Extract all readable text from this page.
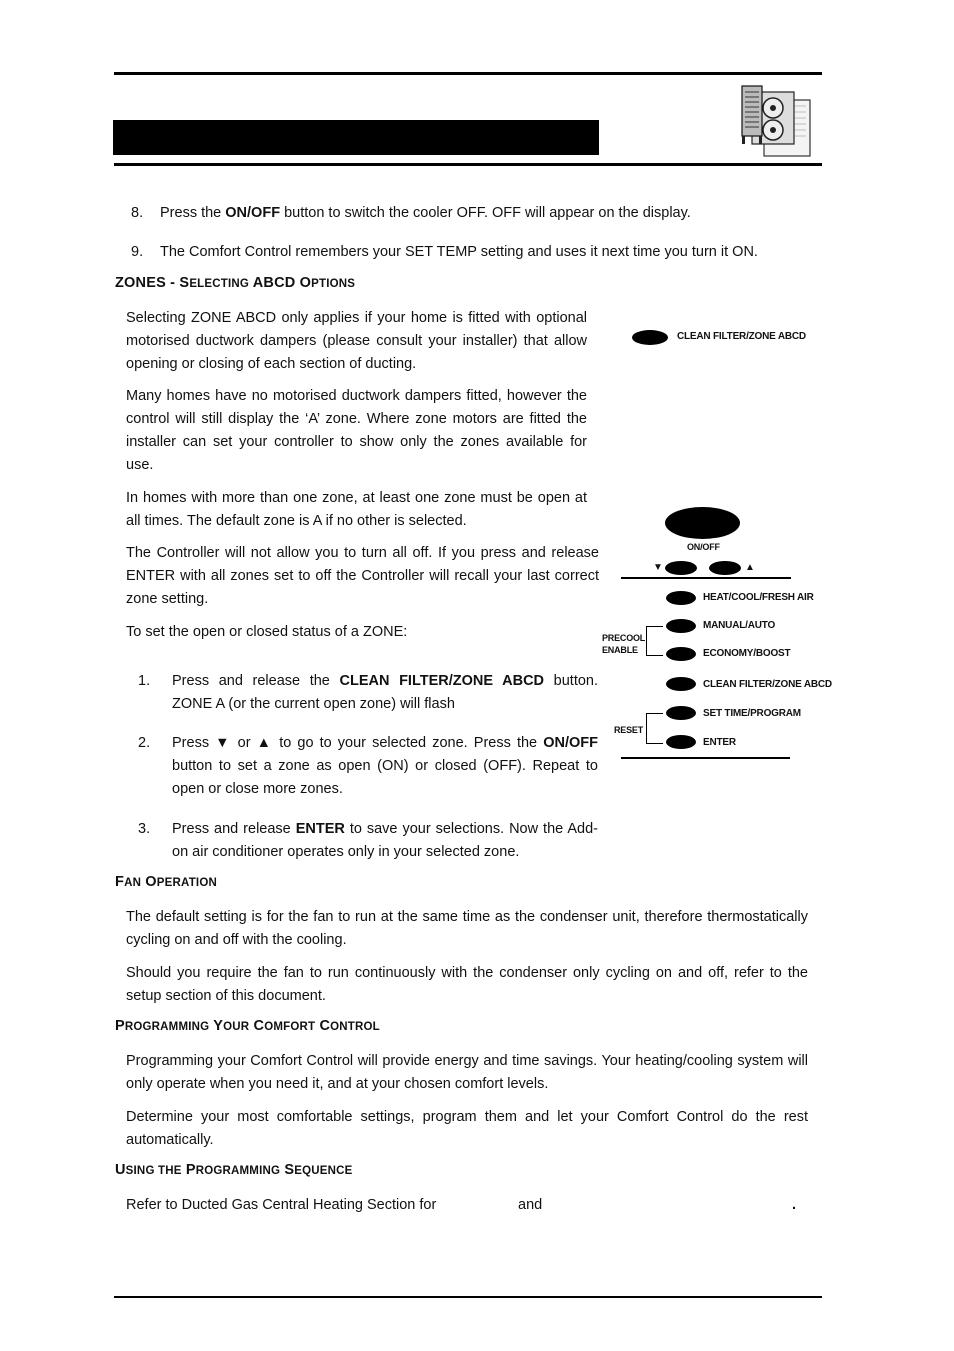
8. Press the ON/OFF button to switch the cooler OFF. OFF will appear on the display.

9. The Comfort Control remembers your SET TEMP setting and uses it next time you turn it ON.

ZONES - SELECTING ABCD OPTIONS

Selecting ZONE ABCD only applies if your home is fitted with optional motorised ductwork dampers (please consult your installer) that allow opening or closing of each section of ducting.

Many homes have no motorised ductwork dampers fitted, however the control will still display the ‘A’ zone. Where zone motors are fitted the installer can set your controller to show only the zones available for use.

In homes with more than one zone, at least one zone must be open at all times. The default zone is A if no other is selected.

The Controller will not allow you to turn all off. If you press and release ENTER with all zones set to off the Controller will recall your last correct zone setting.

To set the open or closed status of a ZONE:

1. Press and release the CLEAN FILTER/ZONE ABCD button. ZONE A (or the current open zone) will flash

2. Press ▼ or ▲ to go to your selected zone. Press the ON/OFF button to set a zone as open (ON) or closed (OFF). Repeat to open or close more zones.

3. Press and release ENTER to save your selections. Now the Add-on air conditioner operates only in your selected zone.

CLEAN FILTER/ZONE ABCD
ON/OFF
▼	▲
HEAT/COOL/FRESH AIR
MANUAL/AUTO
ECONOMY/BOOST
CLEAN FILTER/ZONE ABCD
SET TIME/PROGRAM
ENTER
PRECOOL
ENABLE
RESET
FAN OPERATION

The default setting is for the fan to run at the same time as the condenser unit, therefore thermostatically cycling on and off with the cooling.

Should you require the fan to run continuously with the condenser only cycling on and off, refer to the setup section of this document.

PROGRAMMING YOUR COMFORT CONTROL

Programming your Comfort Control will provide energy and time savings. Your heating/cooling system will only operate when you need it, and at your chosen comfort levels.

Determine your most comfortable settings, program them and let your Comfort Control do the rest automatically.

USING THE PROGRAMMING SEQUENCE

Refer to Ducted Gas Central Heating Section for	and	.
